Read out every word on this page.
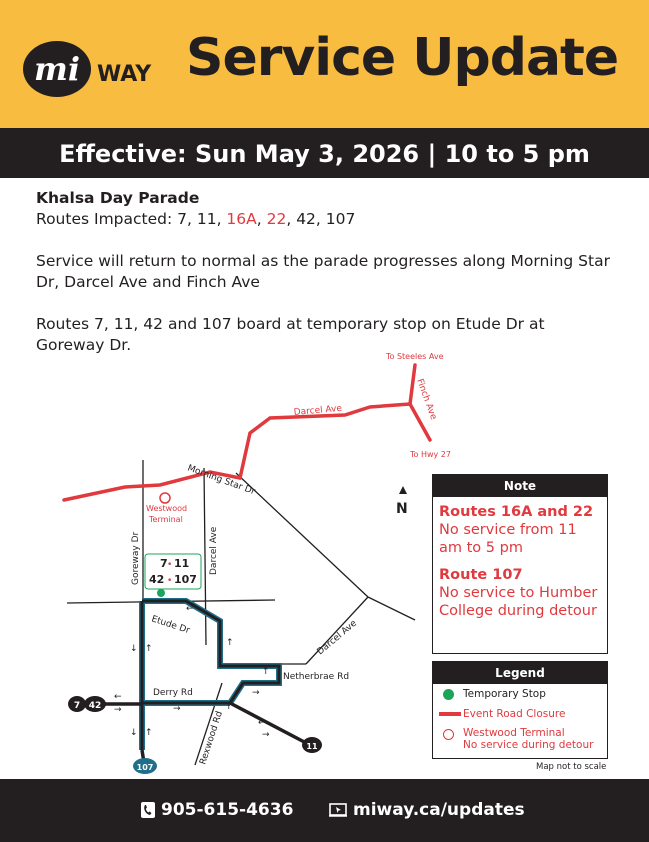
mi WAY Service Update
Effective: Sun May 3, 2026 | 10 to 5 pm
Khalsa Day Parade
Routes Impacted: 7, 11, 16A, 22, 42, 107
Service will return to normal as the parade progresses along Morning Star Dr, Darcel Ave and Finch Ave
Routes 7, 11, 42 and 107 board at temporary stop on Etude Dr at Goreway Dr.
↓ ↑
↓ ↑
←
↑
↑
→
→
←
→	↑
←
→
To Steeles Ave
Finch Ave
Darcel Ave
To Hwy 27
Westwood
Terminal
Morning Star Dr
Goreway Dr	Darcel Ave
Darcel Ave
Etude Dr
Netherbrae Rd
Derry Rd
Rexwood Rd
N
7 • 11
42 • 107
7 42
107
11
Note
Routes 16A and 22
No service from 11 am to 5 pm
Route 107
No service to Humber College during detour
Legend
Temporary Stop
Event Road Closure
Westwood Terminal
No service during detour
Map not to scale
905-615-4636	miway.ca/updates
